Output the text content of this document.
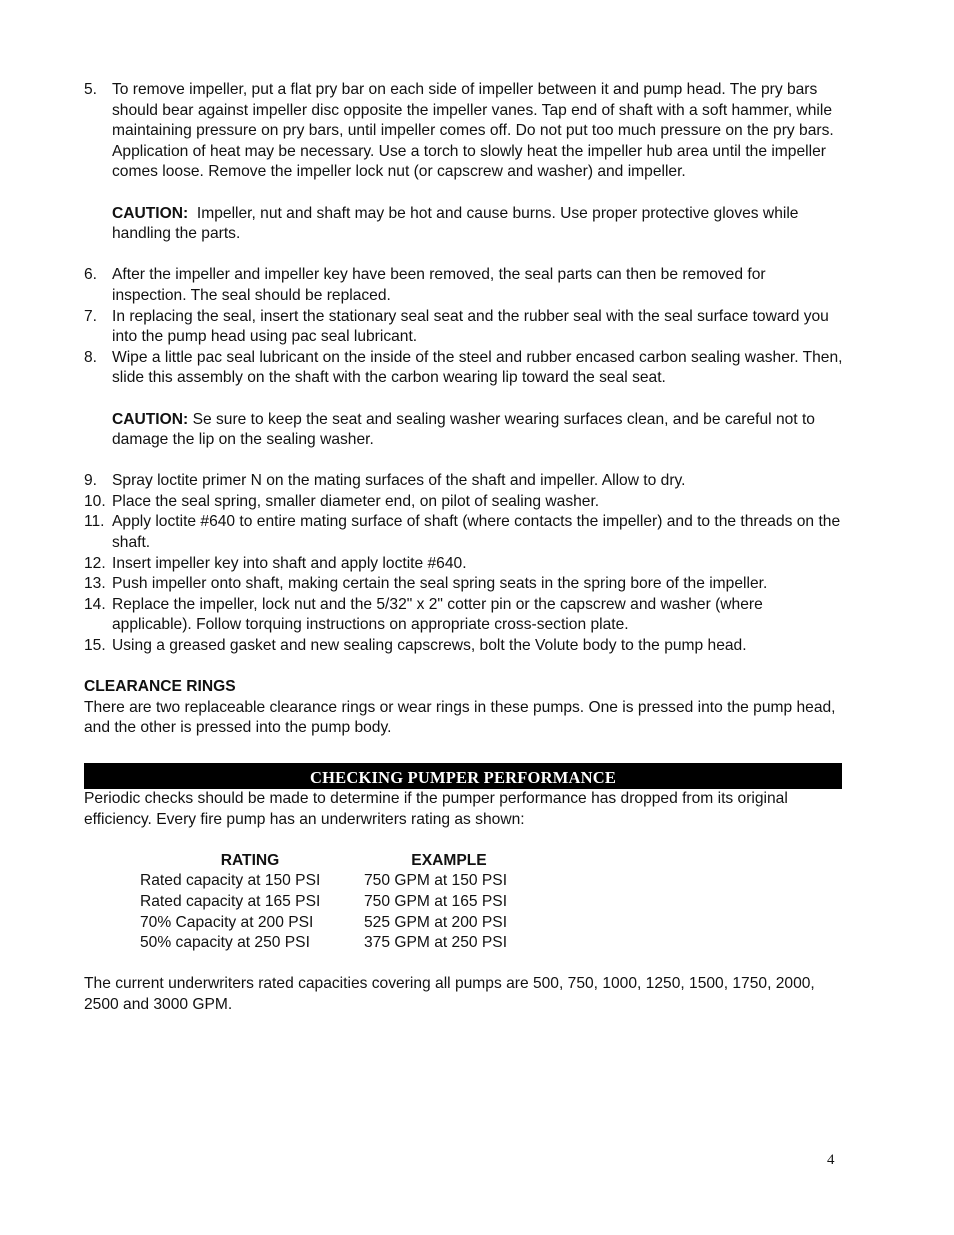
5. To remove impeller, put a flat pry bar on each side of impeller between it and pump head. The pry bars should bear against impeller disc opposite the impeller vanes. Tap end of shaft with a soft hammer, while maintaining pressure on pry bars, until impeller comes off. Do not put too much pressure on the pry bars. Application of heat may be necessary. Use a torch to slowly heat the impeller hub area until the impeller comes loose. Remove the impeller lock nut (or capscrew and washer) and impeller.
CAUTION: Impeller, nut and shaft may be hot and cause burns. Use proper protective gloves while handling the parts.
6. After the impeller and impeller key have been removed, the seal parts can then be removed for inspection. The seal should be replaced.
7. In replacing the seal, insert the stationary seal seat and the rubber seal with the seal surface toward you into the pump head using pac seal lubricant.
8. Wipe a little pac seal lubricant on the inside of the steel and rubber encased carbon sealing washer. Then, slide this assembly on the shaft with the carbon wearing lip toward the seal seat.
CAUTION: Se sure to keep the seat and sealing washer wearing surfaces clean, and be careful not to damage the lip on the sealing washer.
9. Spray loctite primer N on the mating surfaces of the shaft and impeller. Allow to dry.
10. Place the seal spring, smaller diameter end, on pilot of sealing washer.
11. Apply loctite #640 to entire mating surface of shaft (where contacts the impeller) and to the threads on the shaft.
12. Insert impeller key into shaft and apply loctite #640.
13. Push impeller onto shaft, making certain the seal spring seats in the spring bore of the impeller.
14. Replace the impeller, lock nut and the 5/32" x 2" cotter pin or the capscrew and washer (where applicable). Follow torquing instructions on appropriate cross-section plate.
15. Using a greased gasket and new sealing capscrews, bolt the Volute body to the pump head.
CLEARANCE RINGS
There are two replaceable clearance rings or wear rings in these pumps. One is pressed into the pump head, and the other is pressed into the pump body.
CHECKING PUMPER PERFORMANCE
Periodic checks should be made to determine if the pumper performance has dropped from its original efficiency. Every fire pump has an underwriters rating as shown:
RATING	EXAMPLE
Rated capacity at 150 PSI	750 GPM at 150 PSI
Rated capacity at 165 PSI	750 GPM at 165 PSI
70% Capacity at 200 PSI	525 GPM at 200 PSI
50% capacity at 250 PSI	375 GPM at 250 PSI
The current underwriters rated capacities covering all pumps are 500, 750, 1000, 1250, 1500, 1750, 2000, 2500 and 3000 GPM.
4
